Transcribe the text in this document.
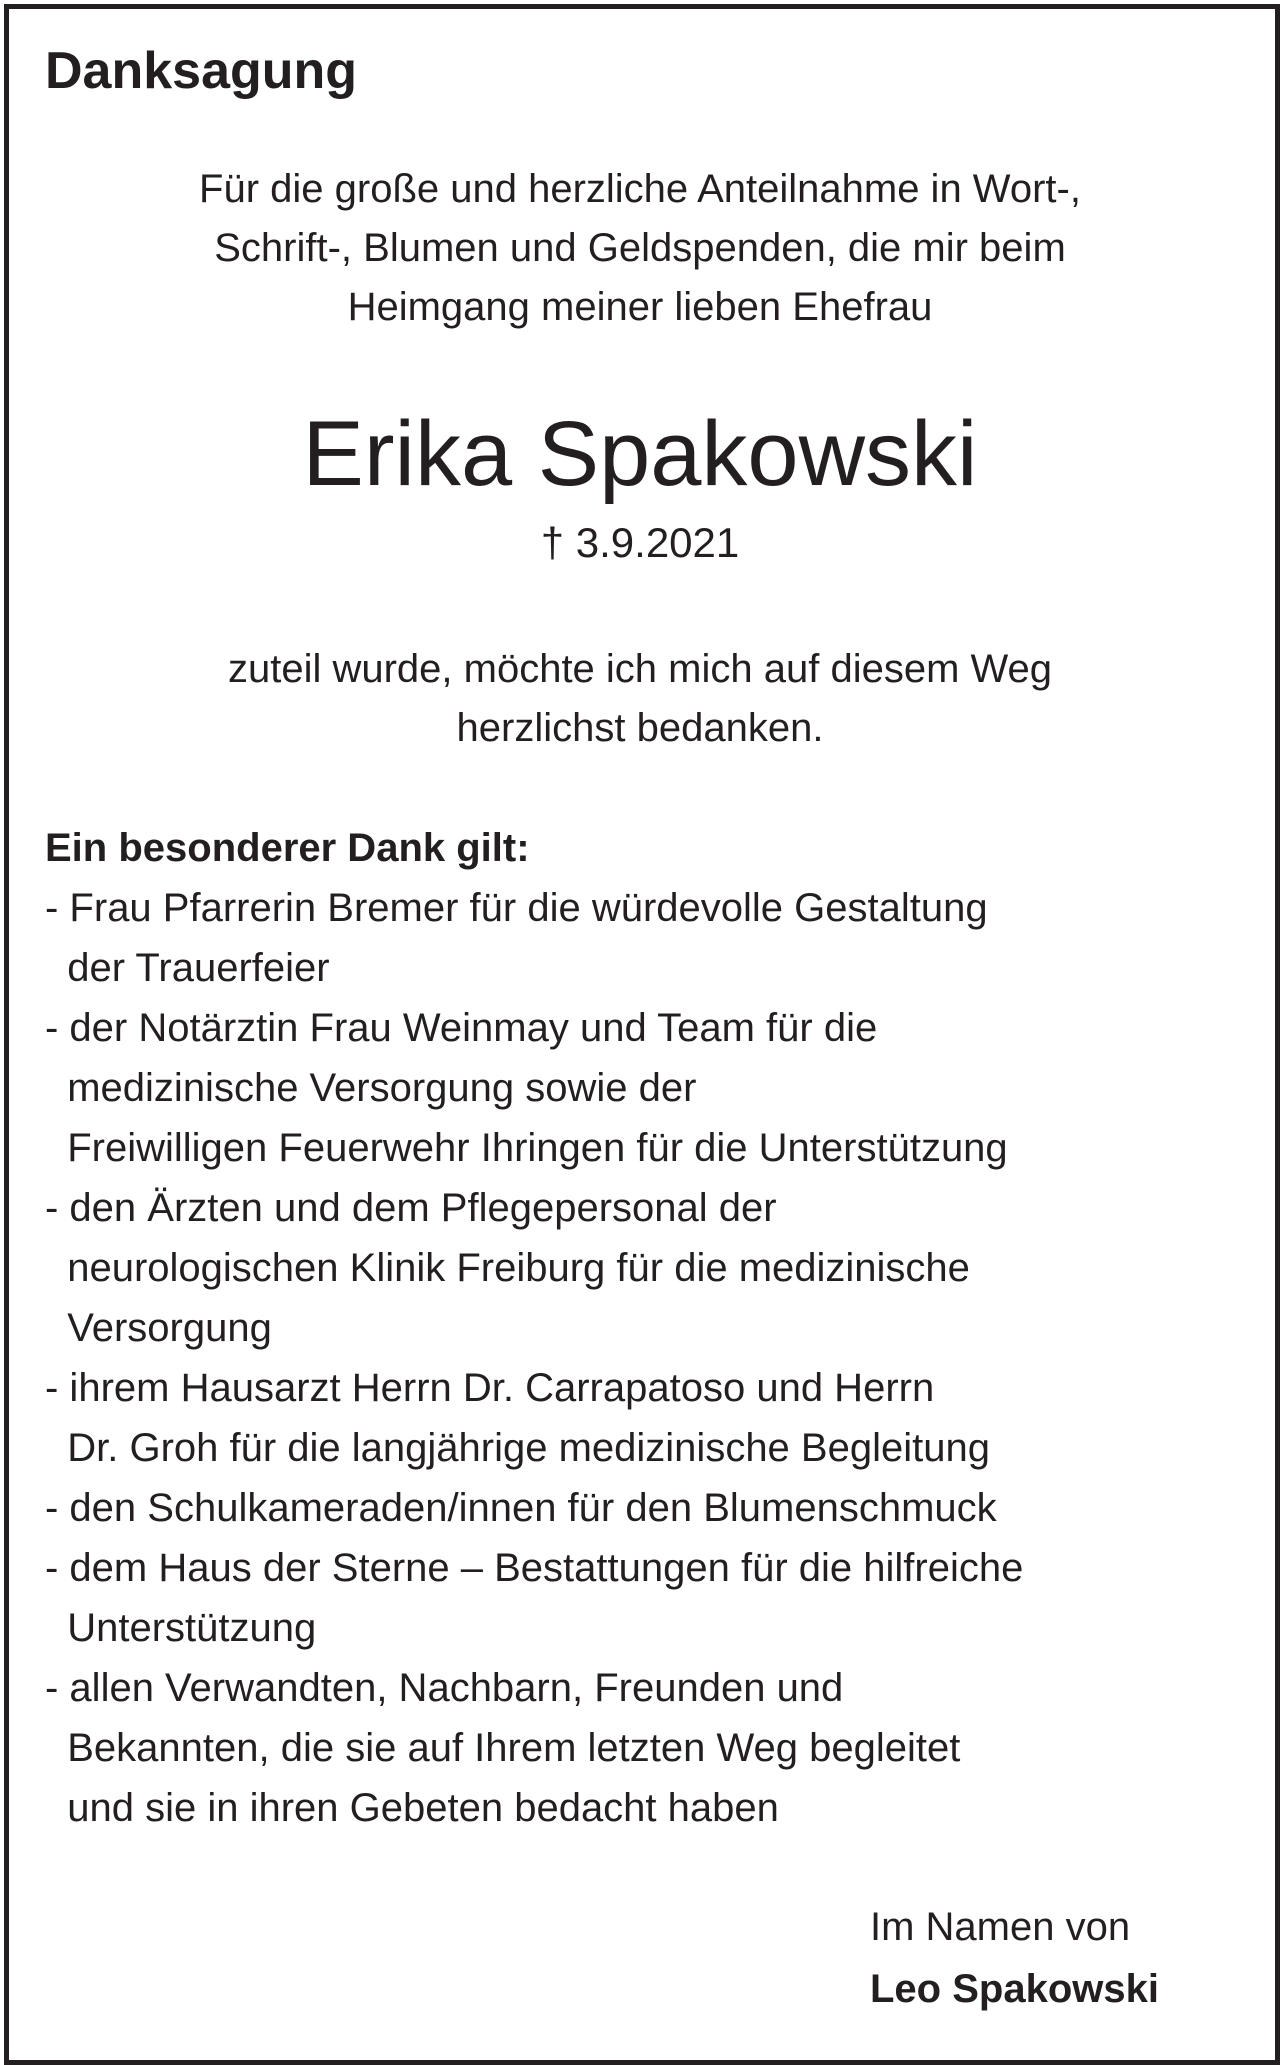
Danksagung
Für die große und herzliche Anteilnahme in Wort-,
Schrift-, Blumen und Geldspenden, die mir beim
Heimgang meiner lieben Ehefrau
Erika Spakowski
† 3.9.2021
zuteil wurde, möchte ich mich auf diesem Weg
herzlichst bedanken.
Ein besonderer Dank gilt:
- Frau Pfarrerin Bremer für die würdevolle Gestaltung
der Trauerfeier
- der Notärztin Frau Weinmay und Team für die
medizinische Versorgung sowie der
Freiwilligen Feuerwehr Ihringen für die Unterstützung
- den Ärzten und dem Pflegepersonal der
neurologischen Klinik Freiburg für die medizinische
Versorgung
- ihrem Hausarzt Herrn Dr. Carrapatoso und Herrn
Dr. Groh für die langjährige medizinische Begleitung
- den Schulkameraden/innen für den Blumenschmuck
- dem Haus der Sterne – Bestattungen für die hilfreiche
Unterstützung
- allen Verwandten, Nachbarn, Freunden und
Bekannten, die sie auf Ihrem letzten Weg begleitet
und sie in ihren Gebeten bedacht haben
Im Namen von
Leo Spakowski
